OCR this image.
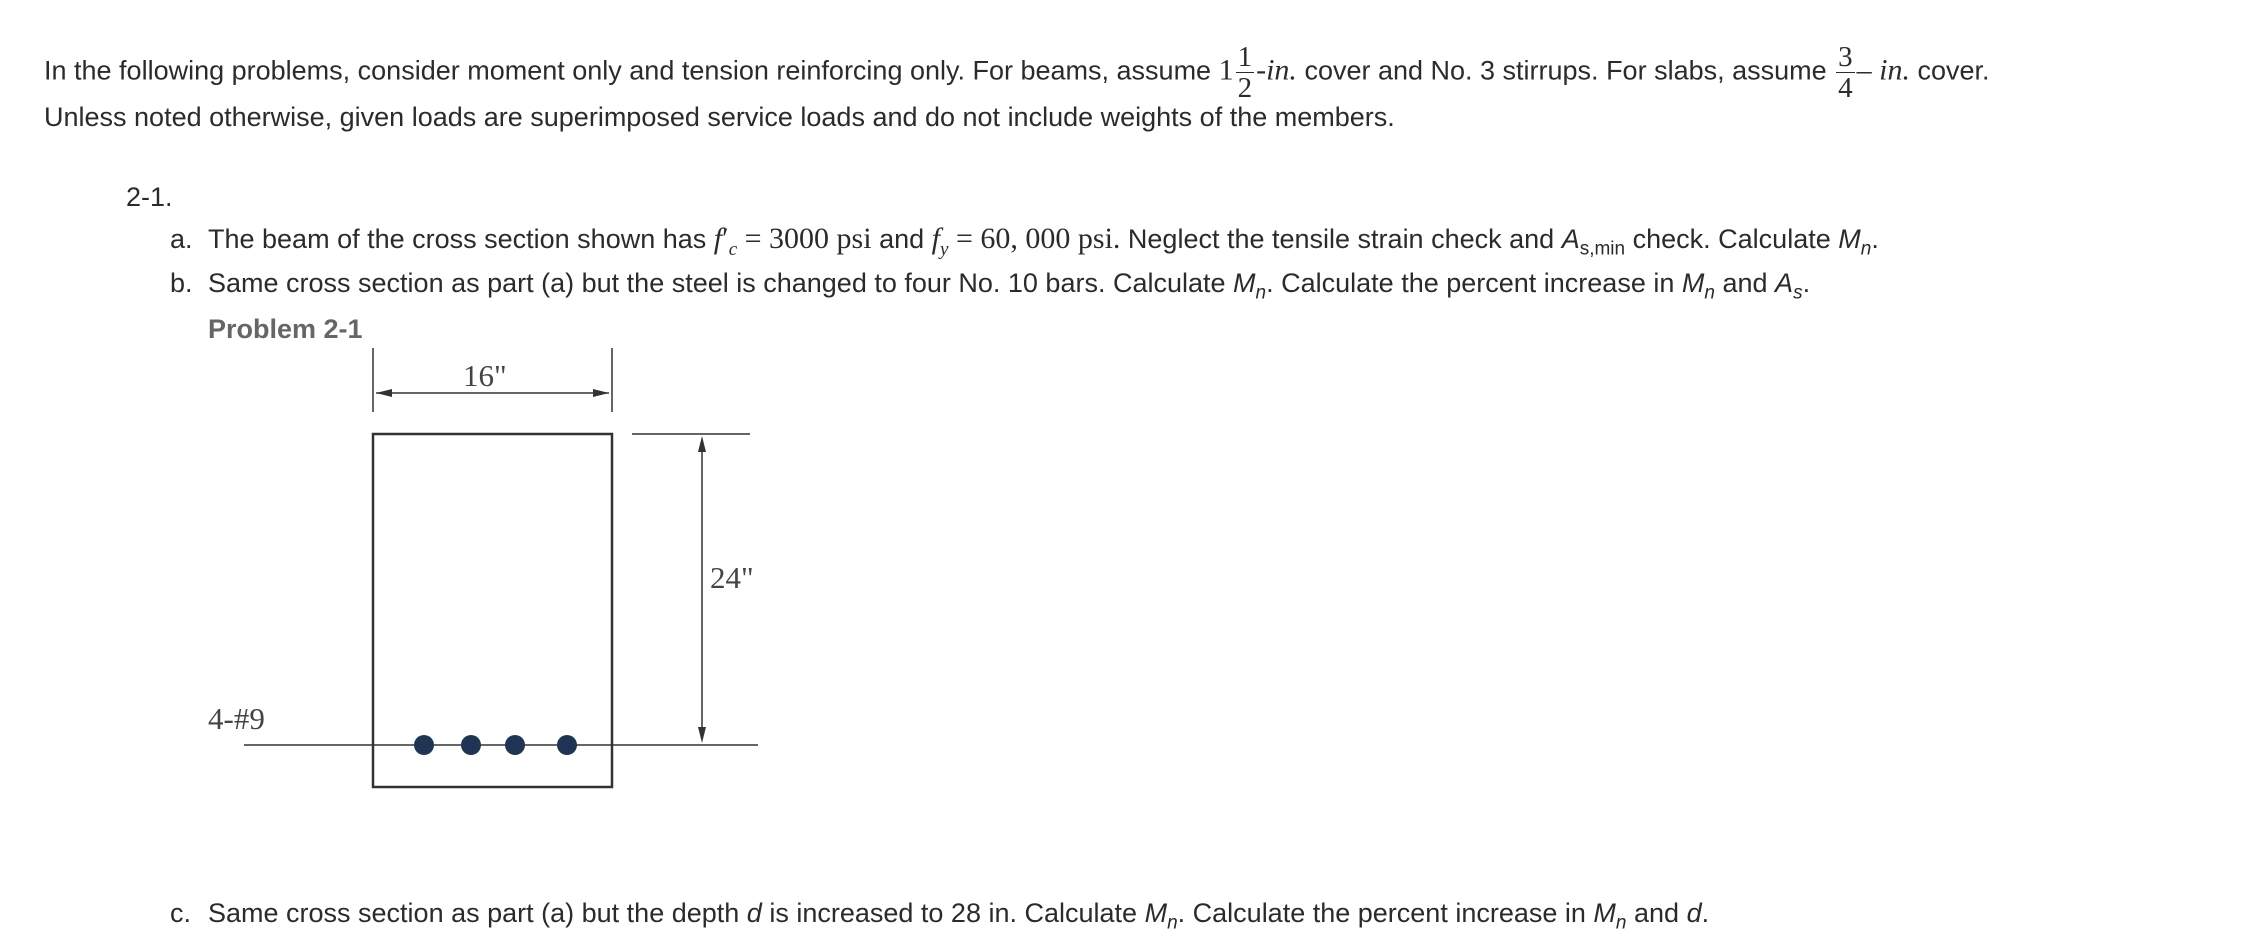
In the following problems, consider moment only and tension reinforcing only. For beams, assume $1 \frac{1}{2} -in$. cover and No. 3 stirrups. For slabs, assume $\frac{3}{4}$ – in. cover.
Unless noted otherwise, given loads are superimposed service loads and do not include weights of the members.
2-1.
a. The beam of the cross section shown has $f'_c = 3000$ psi and $f_y = 60$, 000 psi. Neglect the tensile strain check and $A_{s,min}$ check. Calculate $M_n$.
b. Same cross section as part (a) but the steel is changed to four No. 10 bars. Calculate $M_n$. Calculate the percent increase in $M_n$ and $A_s$.
Problem 2-1
16"
24"
4-#9
c. Same cross section as part (a) but the depth d is increased to 28 in. Calculate $M_n$. Calculate the percent increase in $M_n$ and d.
